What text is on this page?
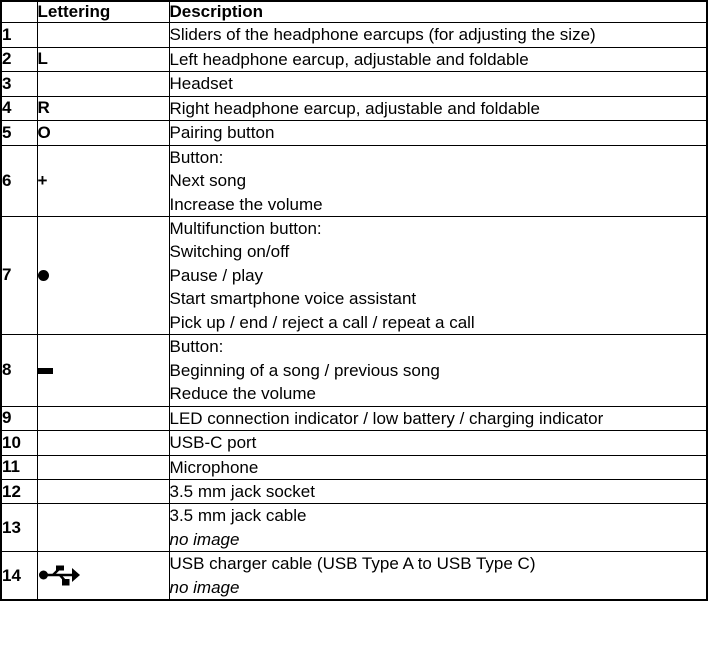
	Lettering	Description
1		Sliders of the headphone earcups (for adjusting the size)

2	L	Left headphone earcup, adjustable and foldable

3		Headset

4	R	Right headphone earcup, adjustable and foldable

5	O	Pairing button

6	+	Button:
Next song
Increase the volume

7		Multifunction button:
Switching on/off
Pause / play
Start smartphone voice assistant
Pick up / end / reject a call / repeat a call

8		Button:
Beginning of a song / previous song
Reduce the volume

9		LED connection indicator / low battery / charging indicator

10		USB-C port

11		Microphone

12		3.5 mm jack socket

13		3.5 mm jack cable
no image

14		USB charger cable (USB Type A to USB Type C)
no image
